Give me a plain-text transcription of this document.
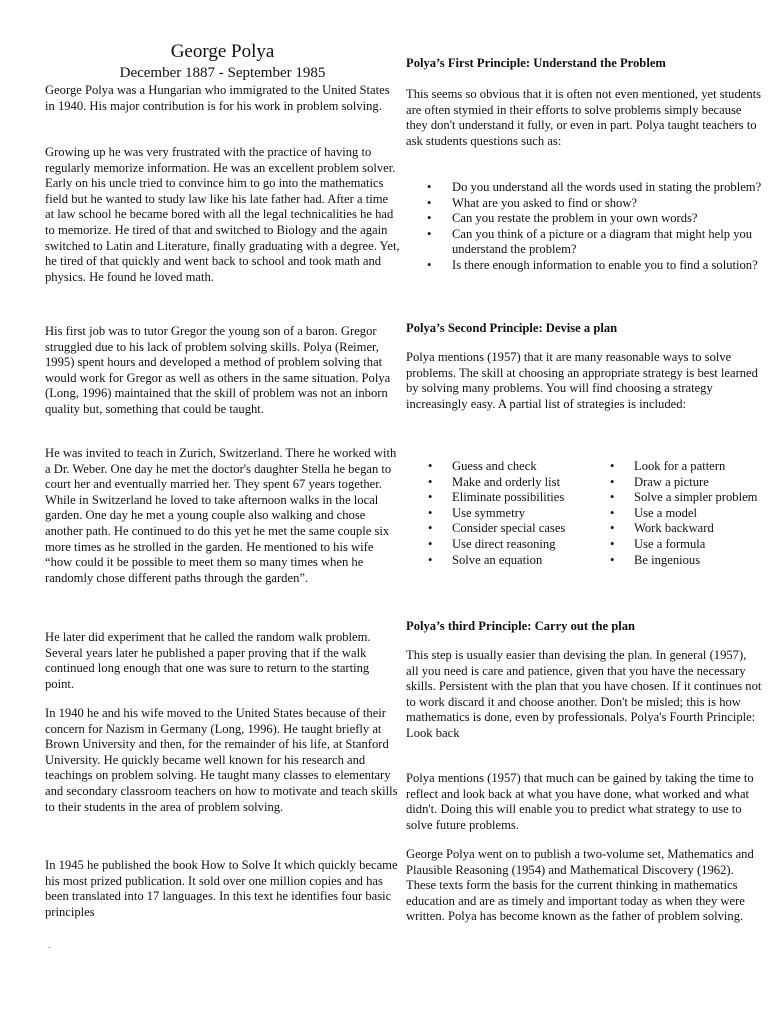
George Polya
December 1887 - September 1985

George Polya was a Hungarian who immigrated to the United States in 1940. His major contribution is for his work in problem solving.

Growing up he was very frustrated with the practice of having to regularly memorize information. He was an excellent problem solver. Early on his uncle tried to convince him to go into the mathematics field but he wanted to study law like his late father had. After a time at law school he became bored with all the legal technicalities he had to memorize. He tired of that and switched to Biology and the again switched to Latin and Literature, finally graduating with a degree. Yet, he tired of that quickly and went back to school and took math and physics. He found he loved math.

His first job was to tutor Gregor the young son of a baron. Gregor struggled due to his lack of problem solving skills. Polya (Reimer, 1995) spent hours and developed a method of problem solving that would work for Gregor as well as others in the same situation. Polya (Long, 1996) maintained that the skill of problem was not an inborn quality but, something that could be taught.

He was invited to teach in Zurich, Switzerland. There he worked with a Dr. Weber. One day he met the doctor's daughter Stella he began to court her and eventually married her. They spent 67 years together. While in Switzerland he loved to take afternoon walks in the local garden. One day he met a young couple also walking and chose another path. He continued to do this yet he met the same couple six more times as he strolled in the garden. He mentioned to his wife “how could it be possible to meet them so many times when he randomly chose different paths through the garden”.

He later did experiment that he called the random walk problem. Several years later he published a paper proving that if the walk continued long enough that one was sure to return to the starting point.

In 1940 he and his wife moved to the United States because of their concern for Nazism in Germany (Long, 1996). He taught briefly at Brown University and then, for the remainder of his life, at Stanford University. He quickly became well known for his research and teachings on problem solving. He taught many classes to elementary and secondary classroom teachers on how to motivate and teach skills to their students in the area of problem solving.

In 1945 he published the book How to Solve It which quickly became his most prized publication. It sold over one million copies and has been translated into 17 languages. In this text he identifies four basic principles

.
Polya’s First Principle: Understand the Problem

This seems so obvious that it is often not even mentioned, yet students are often stymied in their efforts to solve problems simply because they don't understand it fully, or even in part. Polya taught teachers to ask students questions such as:

• Do you understand all the words used in stating the problem?
• What are you asked to find or show?
• Can you restate the problem in your own words?
• Can you think of a picture or a diagram that might help you understand the problem?
• Is there enough information to enable you to find a solution?
Polya’s Second Principle: Devise a plan

Polya mentions (1957) that it are many reasonable ways to solve problems. The skill at choosing an appropriate strategy is best learned by solving many problems. You will find choosing a strategy increasingly easy. A partial list of strategies is included:

• Guess and check
• Make and orderly list
• Eliminate possibilities
• Use symmetry
• Consider special cases
• Use direct reasoning
• Solve an equation
• Look for a pattern
• Draw a picture
• Solve a simpler problem
• Use a model
• Work backward
• Use a formula
• Be ingenious
Polya’s third Principle: Carry out the plan

This step is usually easier than devising the plan. In general (1957), all you need is care and patience, given that you have the necessary skills. Persistent with the plan that you have chosen. If it continues not to work discard it and choose another. Don't be misled; this is how mathematics is done, even by professionals. Polya's Fourth Principle: Look back

Polya mentions (1957) that much can be gained by taking the time to reflect and look back at what you have done, what worked and what didn't. Doing this will enable you to predict what strategy to use to solve future problems.

George Polya went on to publish a two-volume set, Mathematics and Plausible Reasoning (1954) and Mathematical Discovery (1962). These texts form the basis for the current thinking in mathematics education and are as timely and important today as when they were written. Polya has become known as the father of problem solving.
